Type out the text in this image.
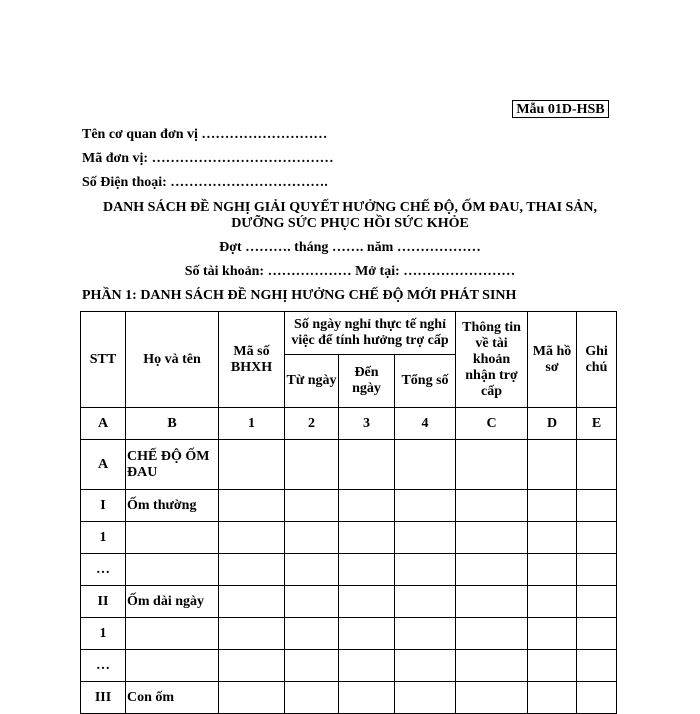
Mẫu 01D-HSB
Tên cơ quan đơn vị ………………………
Mã đơn vị: …………………………………
Số Điện thoại: …………………………….
DANH SÁCH ĐỀ NGHỊ GIẢI QUYẾT HƯỞNG CHẾ ĐỘ, ỐM ĐAU, THAI SẢN,
DƯỠNG SỨC PHỤC HỒI SỨC KHỎE
Đợt ………. tháng ……. năm ………………
Số tài khoản: ……………… Mở tại: ……………………
PHẦN 1: DANH SÁCH ĐỀ NGHỊ HƯỞNG CHẾ ĐỘ MỚI PHÁT SINH
STT	Họ và tên	Mã số BHXH	Số ngày nghỉ thực tế nghỉ việc để tính hưởng trợ cấp			Thông tin về tài khoản nhận trợ cấp	Mã hồ sơ	Ghi chú
			Từ ngày	Đến ngày	Tổng số			
A	B	1	2	3	4	C	D	E
A	CHẾ ĐỘ ỐM ĐAU							
I	Ốm thường							
1								
…								
II	Ốm dài ngày							
1								
…								
III	Con ốm							
